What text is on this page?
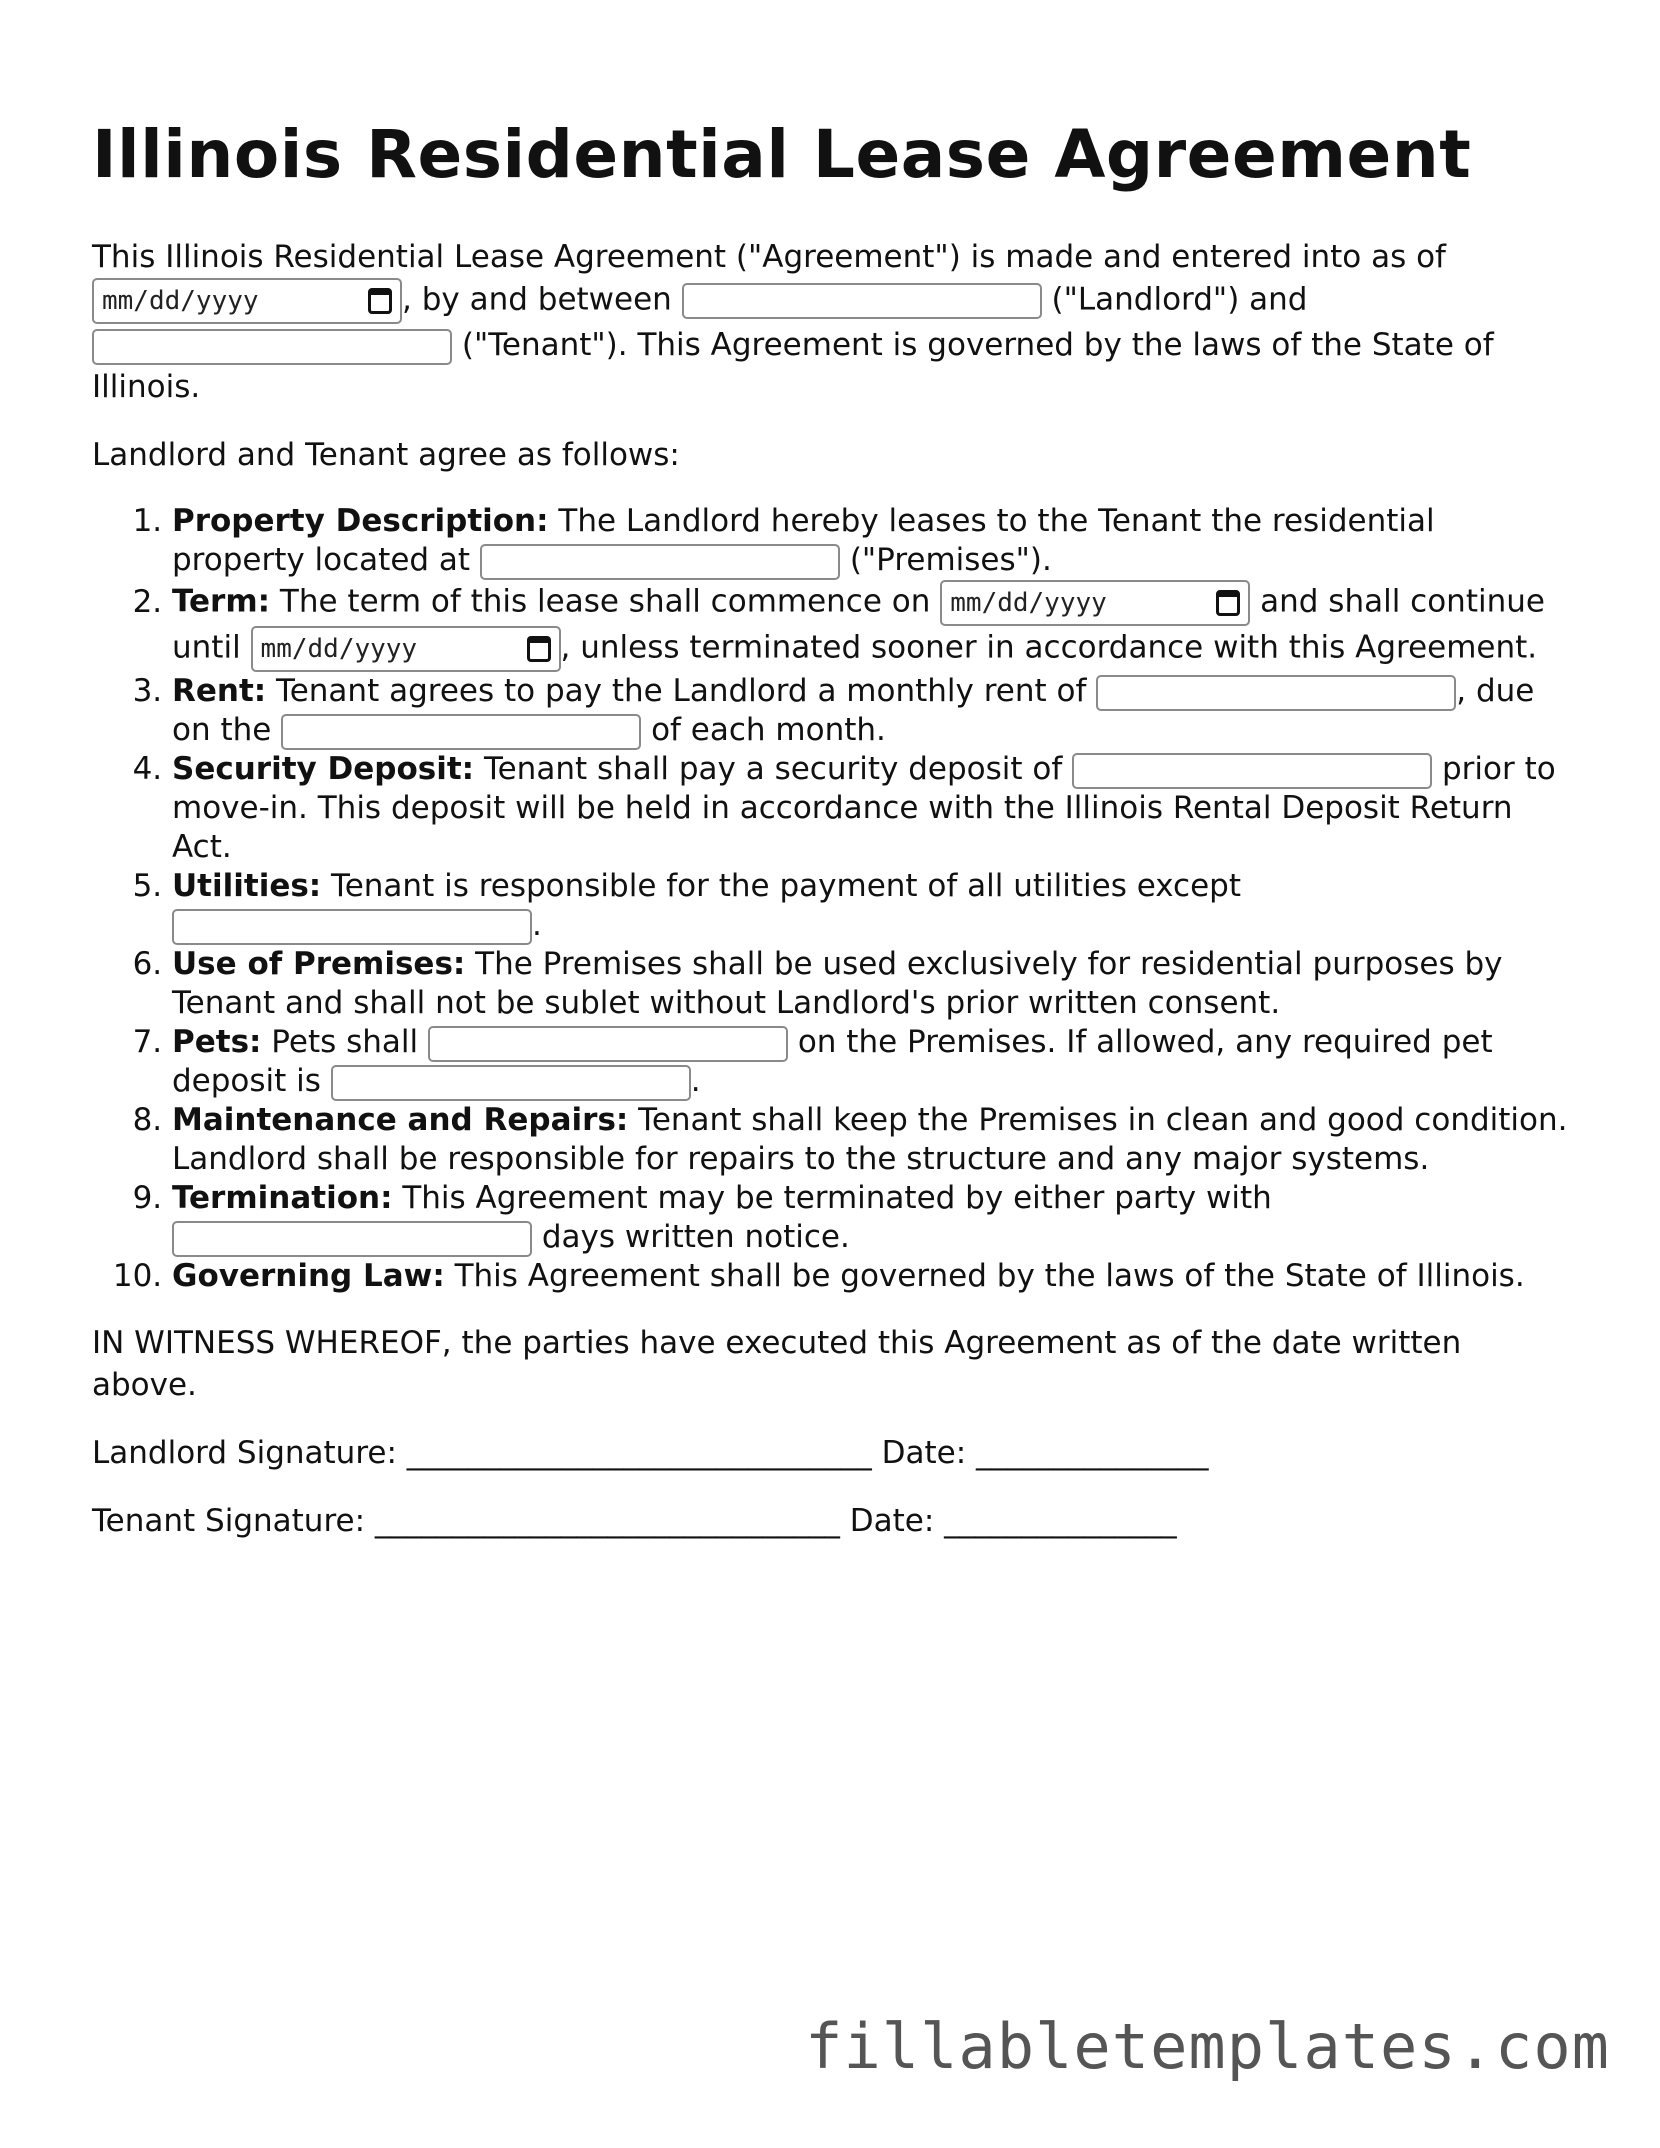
Illinois Residential Lease Agreement

This Illinois Residential Lease Agreement ("Agreement") is made and entered into as of
mm/dd/yyyy	, by and between	("Landlord") and  ("Tenant"). This Agreement is governed by the laws of the State of Illinois.

Landlord and Tenant agree as follows:

1. Property Description: The Landlord hereby leases to the Tenant the residential property located at	("Premises").
2. Term: The term of this lease shall commence on mm/dd/yyyy	and shall continue until mm/dd/yyyy	, unless terminated sooner in accordance with this Agreement.
3. Rent: Tenant agrees to pay the Landlord a monthly rent of	, due on the	of each month.
4. Security Deposit: Tenant shall pay a security deposit of	prior to move-in. This deposit will be held in accordance with the Illinois Rental Deposit Return Act.
5. Utilities: Tenant is responsible for the payment of all utilities except .
6. Use of Premises: The Premises shall be used exclusively for residential purposes by Tenant and shall not be sublet without Landlord's prior written consent.
7. Pets: Pets shall	on the Premises. If allowed, any required pet deposit is	.
8. Maintenance and Repairs: Tenant shall keep the Premises in clean and good condition. Landlord shall be responsible for repairs to the structure and any major systems.
9. Termination: This Agreement may be terminated by either party with  days written notice.
10. Governing Law: This Agreement shall be governed by the laws of the State of Illinois.

IN WITNESS WHEREOF, the parties have executed this Agreement as of the date written above.

Landlord Signature: ______________________________ Date: _______________

Tenant Signature: ______________________________ Date: _______________

fillabletemplates.com
